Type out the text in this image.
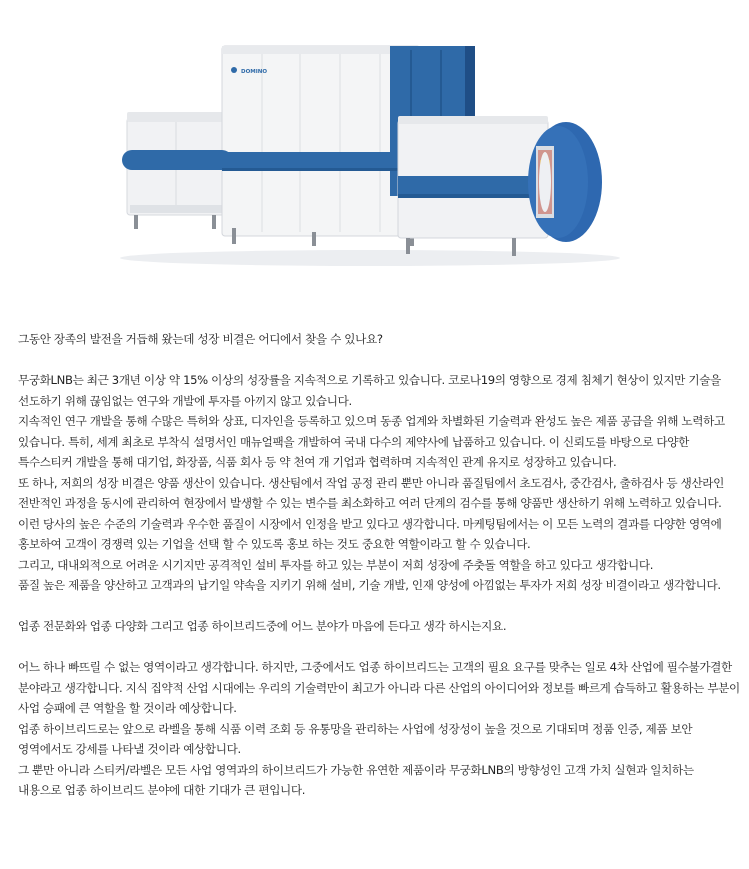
DOMINO

그동안 장족의 발전을 거듭해 왔는데 성장 비결은 어디에서 찾을 수 있나요?

무궁화LNB는 최근 3개년 이상 약 15% 이상의 성장률을 지속적으로 기록하고 있습니다. 코로나19의 영향으로 경제 침체기 현상이 있지만 기술을 선도하기 위해 끊임없는 연구와 개발에 투자를 아끼지 않고 있습니다.

지속적인 연구 개발을 통해 수많은 특허와 상표, 디자인을 등록하고 있으며 동종 업계와 차별화된 기술력과 완성도 높은 제품 공급을 위해 노력하고 있습니다. 특히, 세계 최초로 부착식 설명서인 매뉴얼팩을 개발하여 국내 다수의 제약사에 납품하고 있습니다. 이 신뢰도를 바탕으로 다양한 특수스티커 개발을 통해 대기업, 화장품, 식품 회사 등 약 천여 개 기업과 협력하며 지속적인 관계 유지로 성장하고 있습니다.

또 하나, 저희의 성장 비결은 양품 생산이 있습니다. 생산팀에서 작업 공정 관리 뿐만 아니라 품질팀에서 초도검사, 중간검사, 출하검사 등 생산라인 전반적인 과정을 동시에 관리하여 현장에서 발생할 수 있는 변수를 최소화하고 여러 단계의 검수를 통해 양품만 생산하기 위해 노력하고 있습니다. 이런 당사의 높은 수준의 기술력과 우수한 품질이 시장에서 인정을 받고 있다고 생각합니다. 마케팅팀에서는 이 모든 노력의 결과를 다양한 영역에 홍보하여 고객이 경쟁력 있는 기업을 선택 할 수 있도록 홍보 하는 것도 중요한 역할이라고 할 수 있습니다.

그리고, 대내외적으로 어려운 시기지만 공격적인 설비 투자를 하고 있는 부분이 저희 성장에 주춧돌 역할을 하고 있다고 생각합니다.

품질 높은 제품을 양산하고 고객과의 납기일 약속을 지키기 위해 설비, 기술 개발, 인재 양성에 아낌없는 투자가 저희 성장 비결이라고 생각합니다.

업종 전문화와 업종 다양화 그리고 업종 하이브리드중에 어느 분야가 마음에 든다고 생각 하시는지요.

어느 하나 빠뜨릴 수 없는 영역이라고 생각합니다. 하지만, 그중에서도 업종 하이브리드는 고객의 필요 요구를 맞추는 일로 4차 산업에 필수불가결한 분야라고 생각합니다. 지식 집약적 산업 시대에는 우리의 기술력만이 최고가 아니라 다른 산업의 아이디어와 정보를 빠르게 습득하고 활용하는 부분이 사업 승패에 큰 역할을 할 것이라 예상합니다.

업종 하이브리드로는 앞으로 라벨을 통해 식품 이력 조회 등 유통망을 관리하는 사업에 성장성이 높을 것으로 기대되며 정품 인증, 제품 보안 영역에서도 강세를 나타낼 것이라 예상합니다.

그 뿐만 아니라 스티커/라벨은 모든 사업 영역과의 하이브리드가 가능한 유연한 제품이라 무궁화LNB의 방향성인 고객 가치 실현과 일치하는 내용으로 업종 하이브리드 분야에 대한 기대가 큰 편입니다.
